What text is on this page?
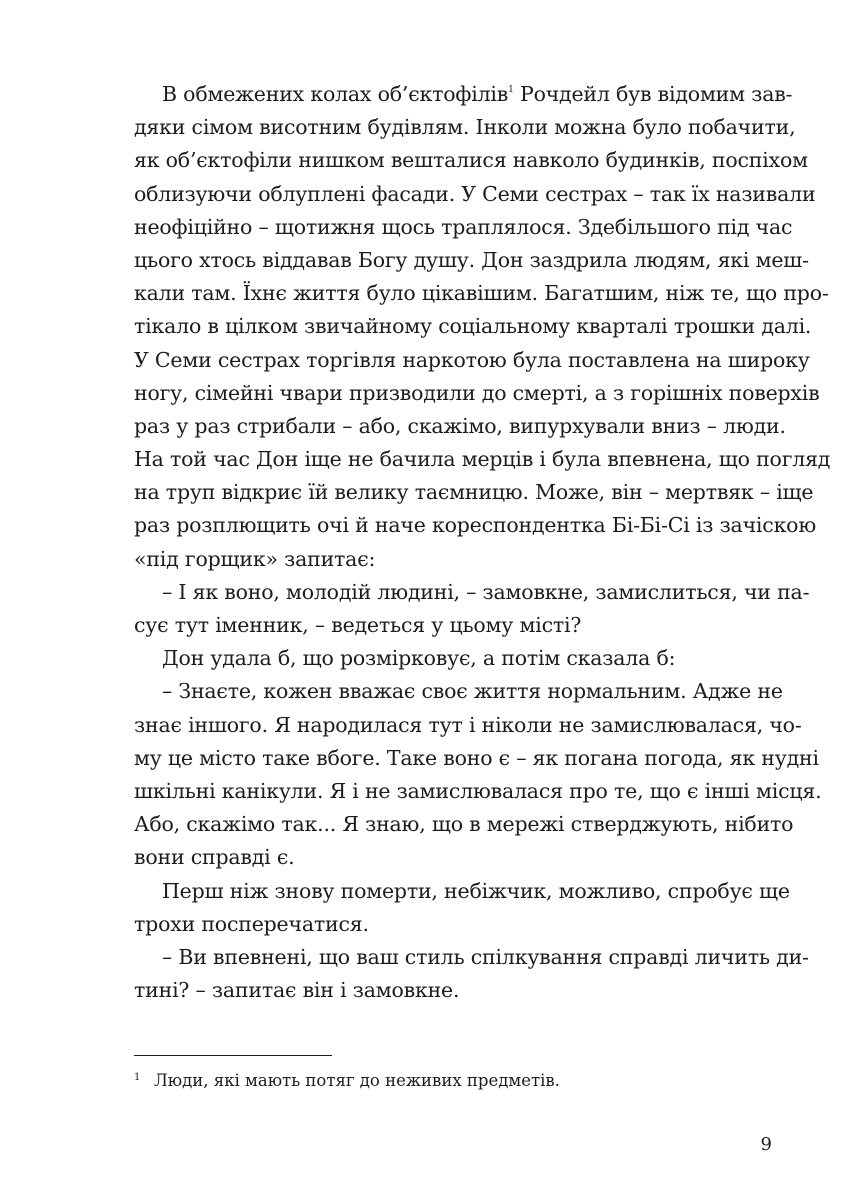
В обмежених колах об’єктофілів$^1$ Рочдейл був відомим зав-
дяки сімом висотним будівлям. Інколи можна було побачити,
як об’єктофіли нишком вешталися навколо будинків, поспіхом
облизуючи облуплені фасади. У Семи сестрах – так їх називали
неофіційно – щотижня щось траплялося. Здебільшого під час
цього хтось віддавав Богу душу. Дон заздрила людям, які меш-
кали там. Їхнє життя було цікавішим. Багатшим, ніж те, що про-
тікало в цілком звичайному соціальному кварталі трошки далі.
У Семи сестрах торгівля наркотою була поставлена на широку
ногу, сімейні чвари призводили до смерті, а з горішніх поверхів
раз у раз стрибали – або, скажімо, випурхували вниз – люди.
На той час Дон іще не бачила мерців і була впевнена, що погляд
на труп відкриє їй велику таємницю. Може, він – мертвяк – іще
раз розплющить очі й наче кореспондентка Бі-Бі-Сі із зачіскою
«під горщик» запитає:
– І як воно, молодій людині, – замовкне, замислиться, чи па-
сує тут іменник, – ведеться у цьому місті?
Дон удала б, що розмірковує, а потім сказала б:
– Знаєте, кожен вважає своє життя нормальним. Адже не
знає іншого. Я народилася тут і ніколи не замислювалася, чо-
му це місто таке вбоге. Таке воно є – як погана погода, як нудні
шкільні канікули. Я і не замислювалася про те, що є інші місця.
Або, скажімо так... Я знаю, що в мережі стверджують, нібито
вони справді є.
Перш ніж знову померти, небіжчик, можливо, спробує ще
трохи посперечатися.
– Ви впевнені, що ваш стиль спілкування справді личить ди-
тині? – запитає він і замовкне.
1 Люди, які мають потяг до неживих предметів.
9
